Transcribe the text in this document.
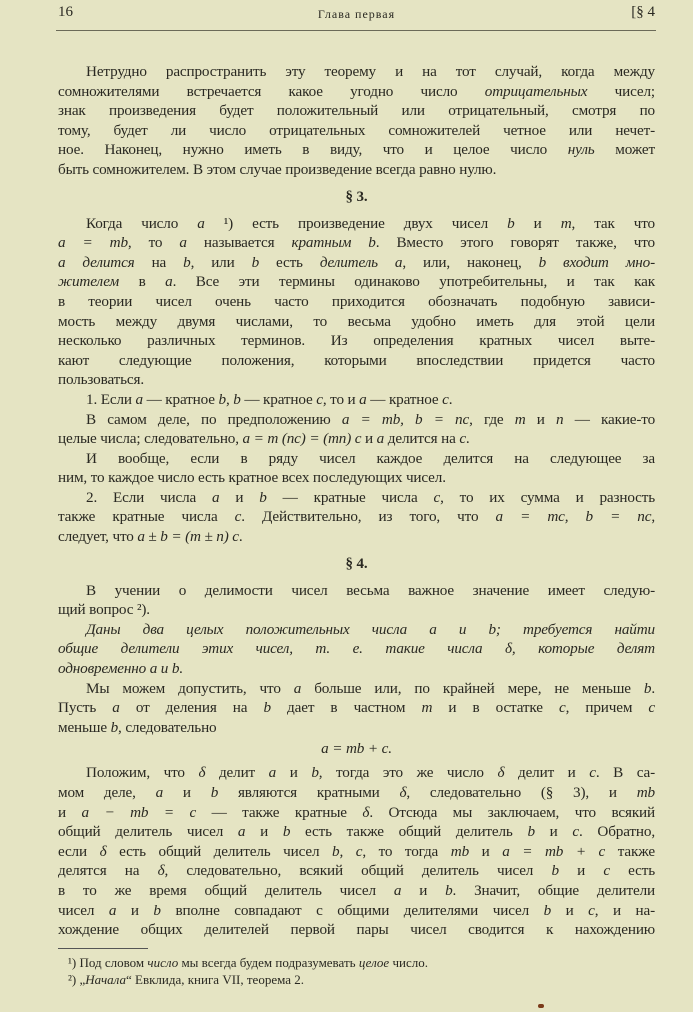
16	Глава первая	[§ 4
Нетрудно распространить эту теорему и на тот случай, когда между
сомножителями встречается какое угодно число отрицательных чисел;
знак произведения будет положительный или отрицательный, смотря по
тому, будет ли число отрицательных сомножителей четное или нечет-
ное. Наконец, нужно иметь в виду, что и целое число нуль может
быть сомножителем. В этом случае произведение всегда равно нулю.
§ 3.
Когда число a ¹) есть произведение двух чисел b и m, так что
a = mb, то a называется кратным b. Вместо этого говорят также, что
a делится на b, или b есть делитель a, или, наконец, b входит мно-
жителем в a. Все эти термины одинаково употребительны, и так как
в теории чисел очень часто приходится обозначать подобную зависи-
мость между двумя числами, то весьма удобно иметь для этой цели
несколько различных терминов. Из определения кратных чисел выте-
кают следующие положения, которыми впоследствии придется часто
пользоваться.
1. Если a — кратное b, b — кратное c, то и a — кратное c.
В самом деле, по предположению a = mb, b = nc, где m и n — какие-то
целые числа; следовательно, a = m (nc) = (mn) c и a делится на c.
И вообще, если в ряду чисел каждое делится на следующее за
ним, то каждое число есть кратное всех последующих чисел.
2. Если числа a и b — кратные числа c, то их сумма и разность
также кратные числа c. Действительно, из того, что a = mc, b = nc,
следует, что a ± b = (m ± n) c.
§ 4.
В учении о делимости чисел весьма важное значение имеет следую-
щий вопрос ²).
Даны два целых положительных числа a и b; требуется найти
общие делители этих чисел, т. е. такие числа δ, которые делят
одновременно a и b.
Мы можем допустить, что a больше или, по крайней мере, не меньше b.
Пусть a от деления на b дает в частном m и в остатке c, причем c
меньше b, следовательно
a = mb + c.
Положим, что δ делит a и b, тогда это же число δ делит и c. В са-
мом деле, a и b являются кратными δ, следовательно (§ 3), и mb
и a − mb = c — также кратные δ. Отсюда мы заключаем, что всякий
общий делитель чисел a и b есть также общий делитель b и c. Обратно,
если δ есть общий делитель чисел b, c, то тогда mb и a = mb + c также
делятся на δ, следовательно, всякий общий делитель чисел b и c есть
в то же время общий делитель чисел a и b. Значит, общие делители
чисел a и b вполне совпадают с общими делителями чисел b и c, и на-
хождение общих делителей первой пары чисел сводится к нахождению
¹) Под словом число мы всегда будем подразумевать целое число.
²) „Начала“ Евклида, книга VII, теорема 2.
